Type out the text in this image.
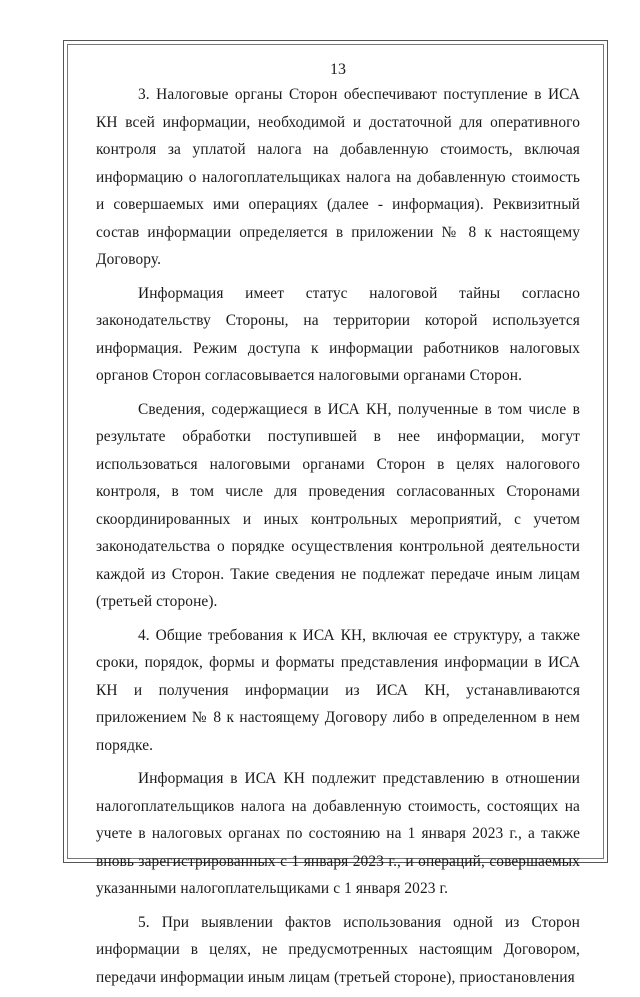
13

3. Налоговые органы Сторон обеспечивают поступление в ИСА КН всей информации, необходимой и достаточной для оперативного контроля за уплатой налога на добавленную стоимость, включая информацию о налогоплательщиках налога на добавленную стоимость и совершаемых ими операциях (далее - информация). Реквизитный состав информации определяется в приложении № 8 к настоящему Договору.

Информация имеет статус налоговой тайны согласно законодательству Стороны, на территории которой используется информация. Режим доступа к информации работников налоговых органов Сторон согласовывается налоговыми органами Сторон.

Сведения, содержащиеся в ИСА КН, полученные в том числе в результате обработки поступившей в нее информации, могут использоваться налоговыми органами Сторон в целях налогового контроля, в том числе для проведения согласованных Сторонами скоординированных и иных контрольных мероприятий, с учетом законодательства о порядке осуществления контрольной деятельности каждой из Сторон. Такие сведения не подлежат передаче иным лицам (третьей стороне).

4. Общие требования к ИСА КН, включая ее структуру, а также сроки, порядок, формы и форматы представления информации в ИСА КН и получения информации из ИСА КН, устанавливаются приложением № 8 к настоящему Договору либо в определенном в нем порядке.

Информация в ИСА КН подлежит представлению в отношении налогоплательщиков налога на добавленную стоимость, состоящих на учете в налоговых органах по состоянию на 1 января 2023 г., а также вновь зарегистрированных с 1 января 2023 г., и операций, совершаемых указанными налогоплательщиками с 1 января 2023 г.

5. При выявлении фактов использования одной из Сторон информации в целях, не предусмотренных настоящим Договором, передачи информации иным лицам (третьей стороне), приостановления
